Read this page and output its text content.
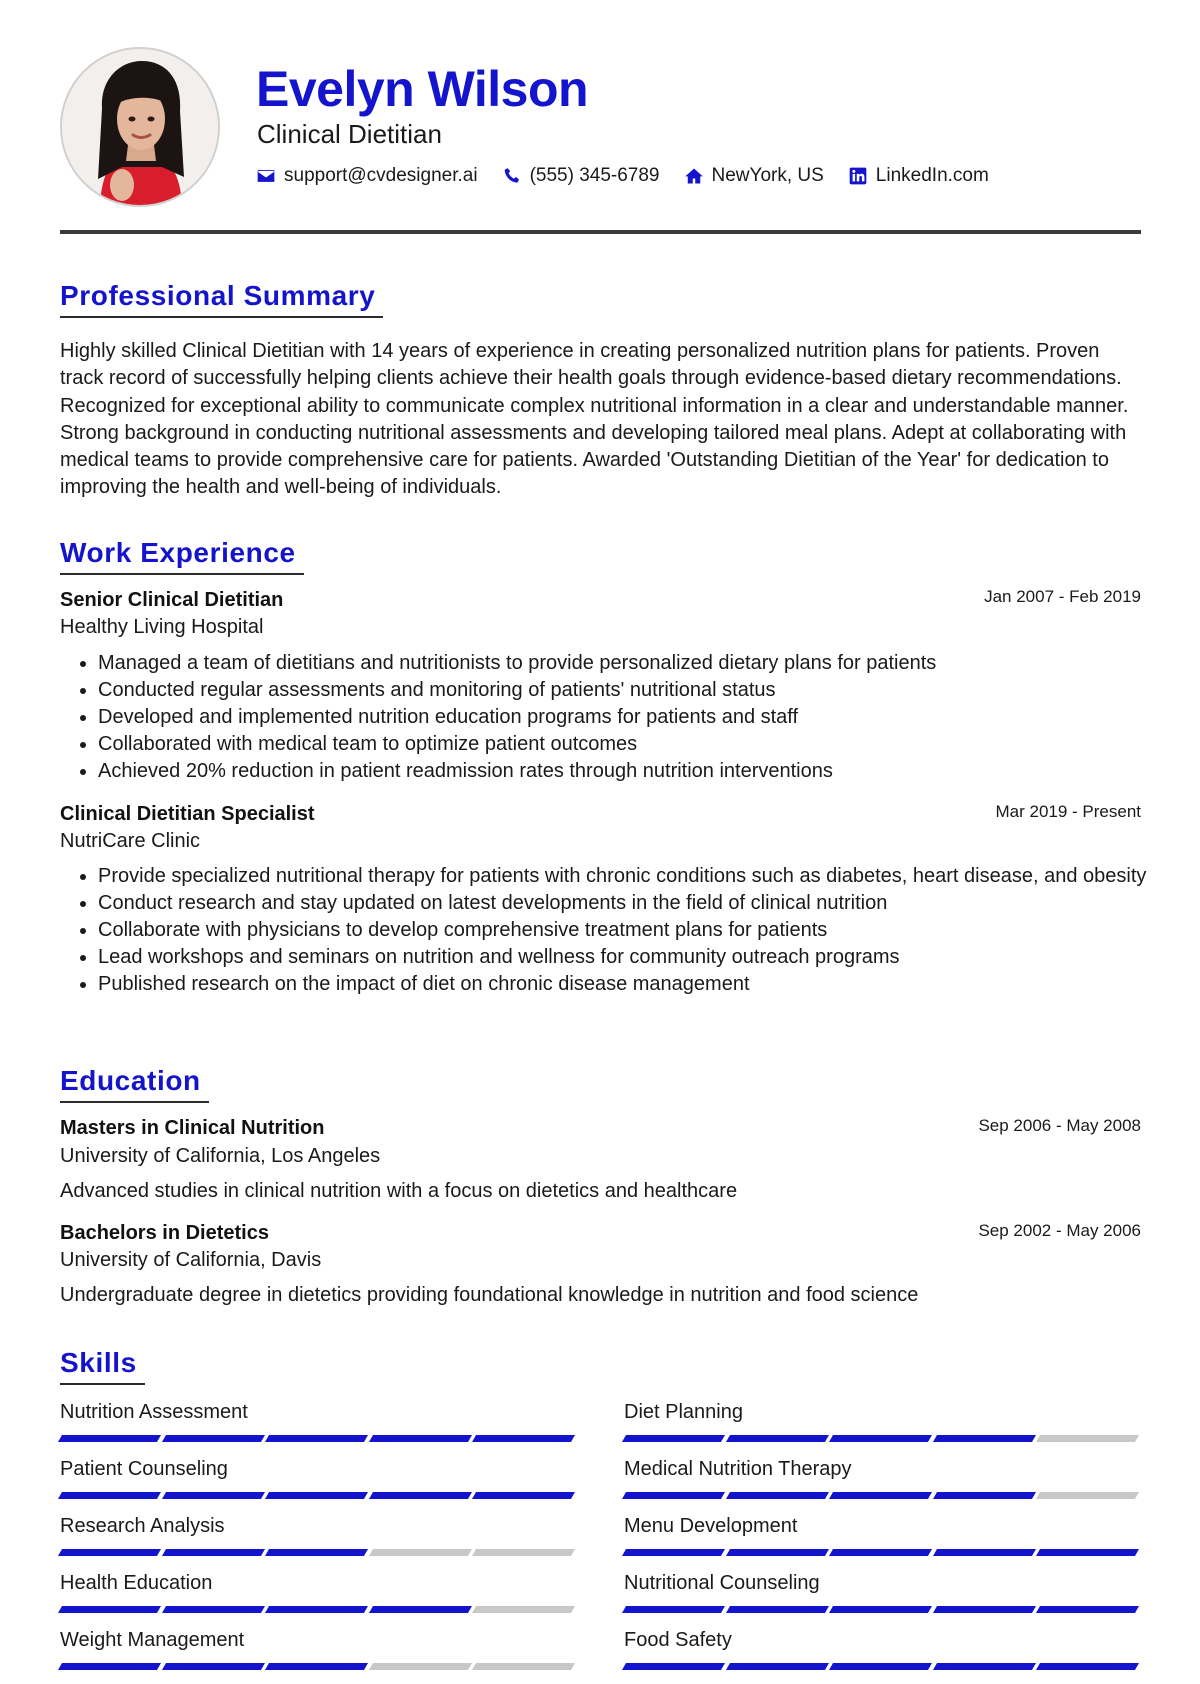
Evelyn Wilson
Clinical Dietitian
support@cvdesigner.ai	(555) 345-6789	NewYork, US	LinkedIn.com
Professional Summary

Highly skilled Clinical Dietitian with 14 years of experience in creating personalized nutrition plans for patients. Proven track record of successfully helping clients achieve their health goals through evidence-based dietary recommendations. Recognized for exceptional ability to communicate complex nutritional information in a clear and understandable manner. Strong background in conducting nutritional assessments and developing tailored meal plans. Adept at collaborating with medical teams to provide comprehensive care for patients. Awarded 'Outstanding Dietitian of the Year' for dedication to improving the health and well-being of individuals.

Work Experience
Senior Clinical Dietitian	Jan 2007 - Feb 2019
Healthy Living Hospital
• Managed a team of dietitians and nutritionists to provide personalized dietary plans for patients
• Conducted regular assessments and monitoring of patients' nutritional status
• Developed and implemented nutrition education programs for patients and staff
• Collaborated with medical team to optimize patient outcomes
• Achieved 20% reduction in patient readmission rates through nutrition interventions
Clinical Dietitian Specialist	Mar 2019 - Present
NutriCare Clinic
• Provide specialized nutritional therapy for patients with chronic conditions such as diabetes, heart disease, and obesity
• Conduct research and stay updated on latest developments in the field of clinical nutrition
• Collaborate with physicians to develop comprehensive treatment plans for patients
• Lead workshops and seminars on nutrition and wellness for community outreach programs
• Published research on the impact of diet on chronic disease management
Education
Masters in Clinical Nutrition	Sep 2006 - May 2008
University of California, Los Angeles
Advanced studies in clinical nutrition with a focus on dietetics and healthcare
Bachelors in Dietetics	Sep 2002 - May 2006
University of California, Davis
Undergraduate degree in dietetics providing foundational knowledge in nutrition and food science
Skills
Nutrition Assessment	Diet Planning
Patient Counseling	Medical Nutrition Therapy
Research Analysis	Menu Development
Health Education	Nutritional Counseling
Weight Management	Food Safety
